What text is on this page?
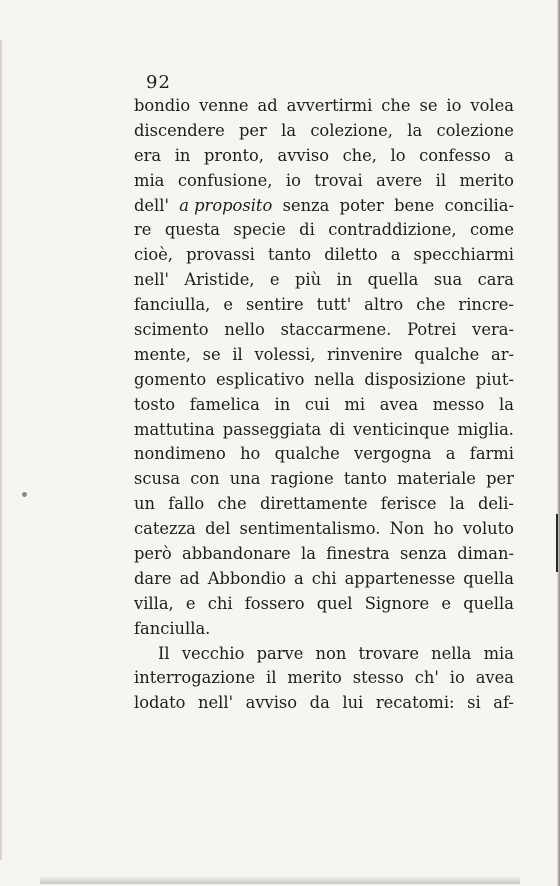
92
bondio venne ad avvertirmi che se io volea
discendere per la colezione, la colezione
era in pronto, avviso che, lo confesso a
mia confusione, io trovai avere il merito
dell' a proposito senza poter bene concilia-
re questa specie di contraddizione, come
cioè, provassi tanto diletto a specchiarmi
nell' Aristide, e più in quella sua cara
fanciulla, e sentire tutt' altro che rincre-
scimento nello staccarmene. Potrei vera-
mente, se il volessi, rinvenire qualche ar-
gomento esplicativo nella disposizione piut-
tosto famelica in cui mi avea messo la
mattutina passeggiata di venticinque miglia.
nondimeno ho qualche vergogna a farmi
scusa con una ragione tanto materiale per
un fallo che direttamente ferisce la deli-
catezza del sentimentalismo. Non ho voluto
però abbandonare la finestra senza diman-
dare ad Abbondio a chi appartenesse quella
villa, e chi fossero quel Signore e quella
fanciulla.
Il vecchio parve non trovare nella mia
interrogazione il merito stesso ch' io avea
lodato nell' avviso da lui recatomi: si af-
